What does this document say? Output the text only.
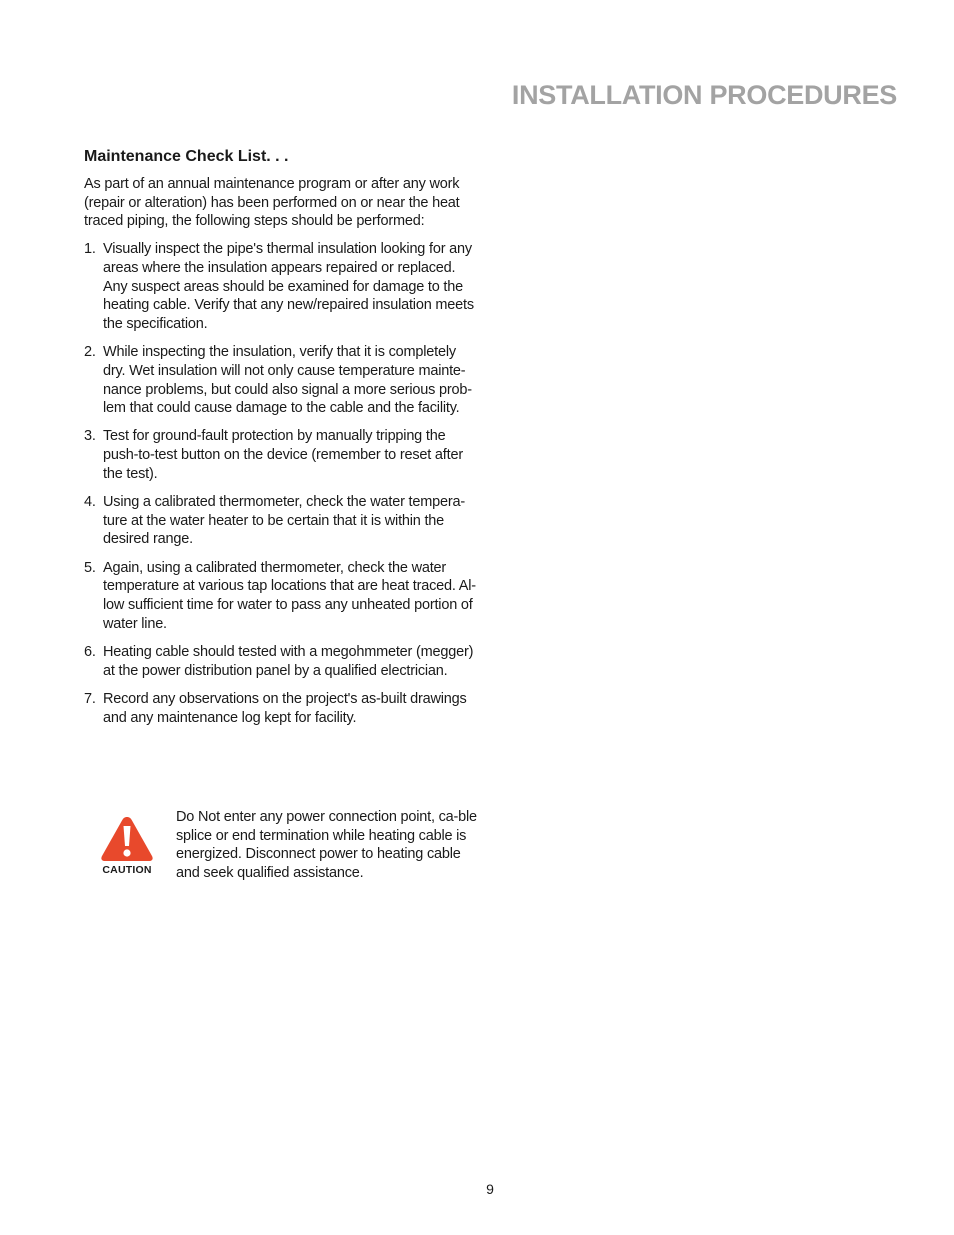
INSTALLATION PROCEDURES
Maintenance Check List. . .

As part of an annual maintenance program or after any work (repair or alteration) has been performed on or near the heat traced piping, the following steps should be performed:

1. Visually inspect the pipe's thermal insulation looking for any areas where the insulation appears repaired or replaced. Any suspect areas should be examined for damage to the heating cable. Verify that any new/repaired insulation meets the specification.
2. While inspecting the insulation, verify that it is completely dry. Wet insulation will not only cause temperature mainte-nance problems, but could also signal a more serious prob-lem that could cause damage to the cable and the facility.
3. Test for ground-fault protection by manually tripping the push-to-test button on the device (remember to reset after the test).
4. Using a calibrated thermometer, check the water tempera-ture at the water heater to be certain that it is within the desired range.
5. Again, using a calibrated thermometer, check the water temperature at various tap locations that are heat traced. Al-low sufficient time for water to pass any unheated portion of water line.
6. Heating cable should tested with a megohmmeter (megger) at the power distribution panel by a qualified electrician.
7. Record any observations on the project's as-built drawings and any maintenance log kept for facility.
CAUTION

Do Not enter any power connection point, ca-ble splice or end termination while heating cable is energized. Disconnect power to heating cable and seek qualified assistance.

9
